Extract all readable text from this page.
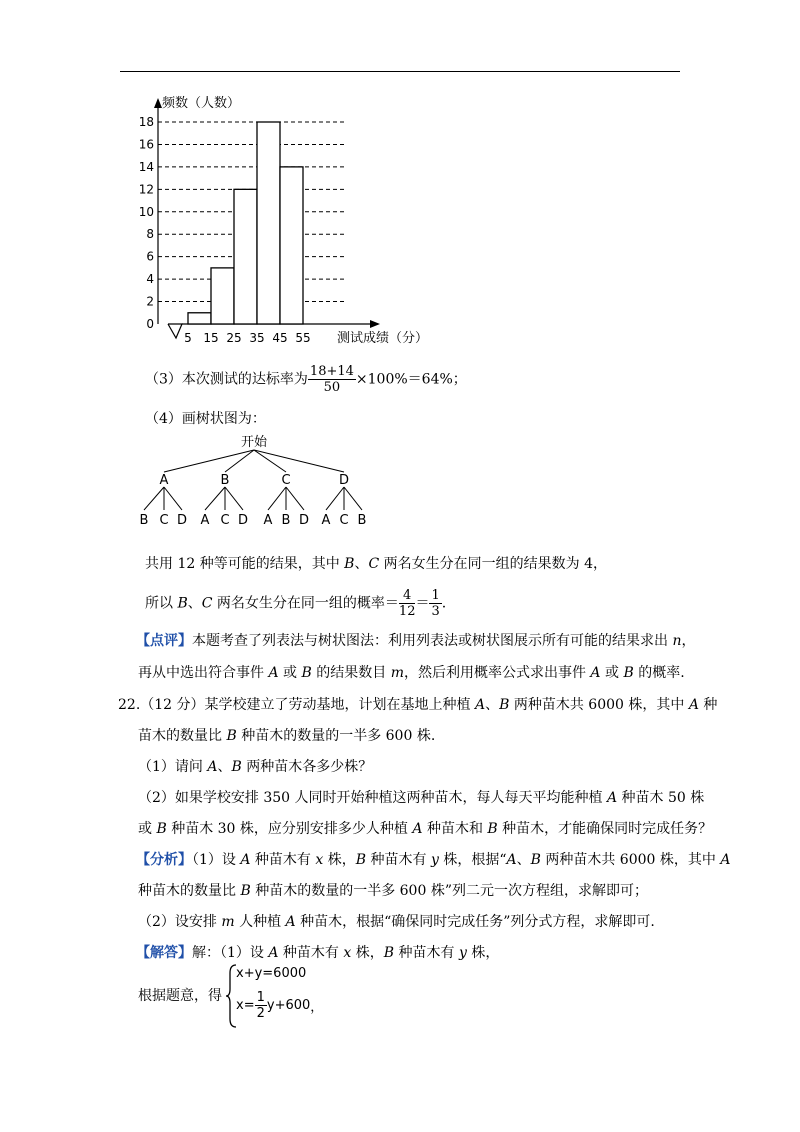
0
2
4
6
8
10
12
14
16
18
5 15 25 35 45 55
频数（人数）
测试成绩（分）
（3）本次测试的达标率为 $\frac{18+14}{50} \times 100\%=64\%$；
（4）画树状图为：
开始
A
B C D
B
A C D
C
A B D
D
A C B
共用 12 种等可能的结果，其中 B、C 两名女生分在同一组的结果数为 4，
所以 B、C 两名女生分在同一组的概率＝ $\frac{4}{12} = \frac{1}{3}$ .
【点评】本题考查了列表法与树状图法：利用列表法或树状图展示所有可能的结果求出 n，
再从中选出符合事件 A 或 B 的结果数目 m，然后利用概率公式求出事件 A 或 B 的概率.
22.（12 分）某学校建立了劳动基地，计划在基地上种植 A、B 两种苗木共 6000 株，其中 A 种
苗木的数量比 B 种苗木的数量的一半多 600 株.
（1）请问 A、B 两种苗木各多少株？
（2）如果学校安排 350 人同时开始种植这两种苗木，每人每天平均能种植 A 种苗木 50 株
或 B 种苗木 30 株，应分别安排多少人种植 A 种苗木和 B 种苗木，才能确保同时完成任务？
【分析】（1）设 A 种苗木有 x 株，B 种苗木有 y 株，根据“A、B 两种苗木共 6000 株，其中 A
种苗木的数量比 B 种苗木的数量的一半多 600 株”列二元一次方程组，求解即可；
（2）设安排 m 人种植 A 种苗木，根据“确保同时完成任务”列分式方程，求解即可.
【解答】解：（1）设 A 种苗木有 x 株，B 种苗木有 y 株，
根据题意，得
x+y=6000
$x= \frac{1}{2} y+600$，
